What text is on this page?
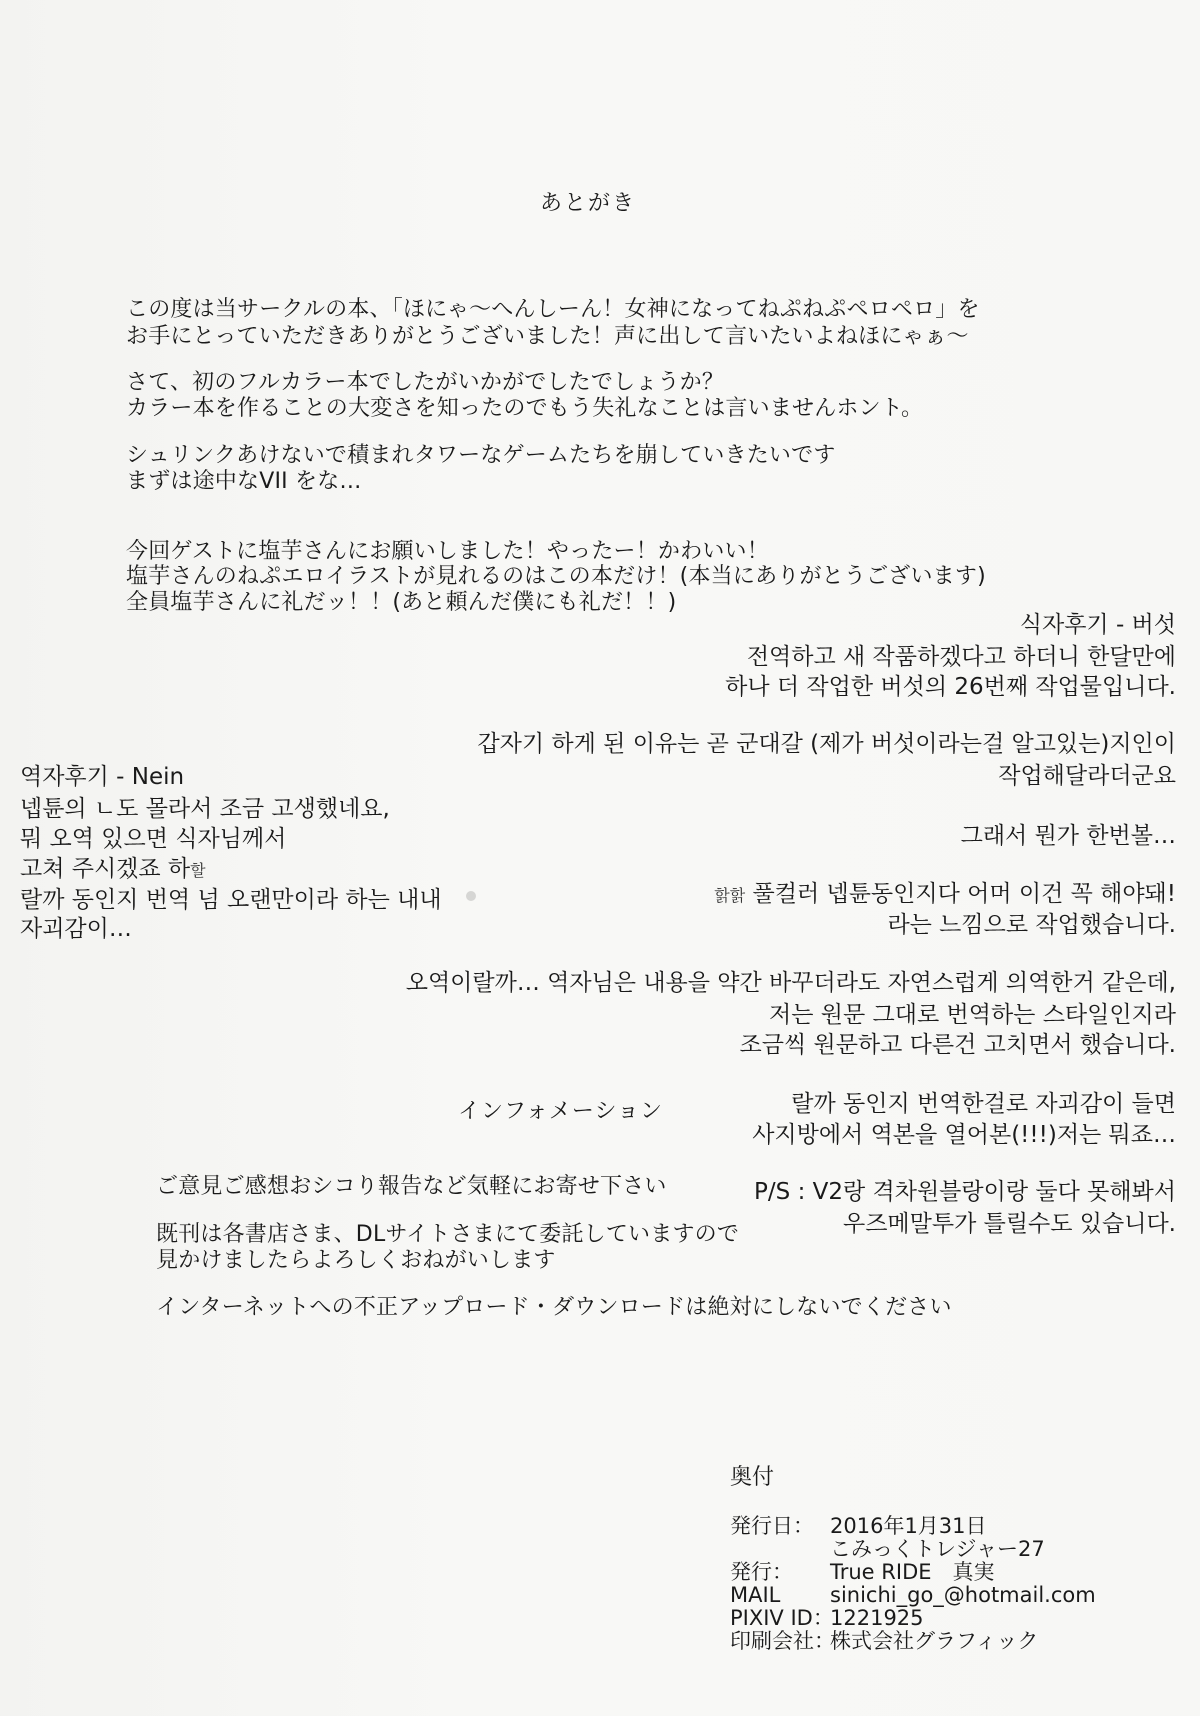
あとがき
この度は当サークルの本、「ほにゃ～へんしーん！女神になってねぷねぷペロペロ」を
お手にとっていただきありがとうございました！声に出して言いたいよねほにゃぁ～
さて、初のフルカラー本でしたがいかがでしたでしょうか？
カラー本を作ることの大変さを知ったのでもう失礼なことは言いませんホント。
シュリンクあけないで積まれタワーなゲームたちを崩していきたいです
まずは途中なVII をな…
今回ゲストに塩芋さんにお願いしました！やったー！かわいい！
塩芋さんのねぷエロイラストが見れるのはこの本だけ！(本当にありがとうございます)
全員塩芋さんに礼だッ！！(あと頼んだ僕にも礼だ！！)
식자후기 - 버섯
전역하고 새 작품하겠다고 하더니 한달만에
하나 더 작업한 버섯의 26번째 작업물입니다.
갑자기 하게 된 이유는 곧 군대갈 (제가 버섯이라는걸 알고있는)지인이
작업해달라더군요
그래서 뭔가 한번볼…
핡핡 풀컬러 넵튠동인지다 어머 이건 꼭 해야돼!
라는 느낌으로 작업했습니다.
오역이랄까… 역자님은 내용을 약간 바꾸더라도 자연스럽게 의역한거 같은데,
저는 원문 그대로 번역하는 스타일인지라
조금씩 원문하고 다른건 고치면서 했습니다.
랄까 동인지 번역한걸로 자괴감이 들면
사지방에서 역본을 열어본(!!!)저는 뭐죠…
P/S : V2랑 격차원블랑이랑 둘다 못해봐서
우즈메말투가 틀릴수도 있습니다.
역자후기 - Nein
넵튠의 ㄴ도 몰라서 조금 고생했네요,
뭐 오역 있으면 식자님께서
고쳐 주시겠죠 하할
랄까 동인지 번역 넘 오랜만이라 하는 내내
자괴감이…
インフォメーション
ご意見ご感想おシコり報告など気軽にお寄せ下さい
既刊は各書店さま、DLサイトさまにて委託していますので
見かけましたらよろしくおねがいします
インターネットへの不正アップロード・ダウンロードは絶対にしないでください
奥付
発行日： 2016年1月31日
こみっくトレジャー27
発行： True RIDE　真実
MAIL sinichi_go_@hotmail.com
PIXIV ID：1221925
印刷会社：株式会社グラフィック
